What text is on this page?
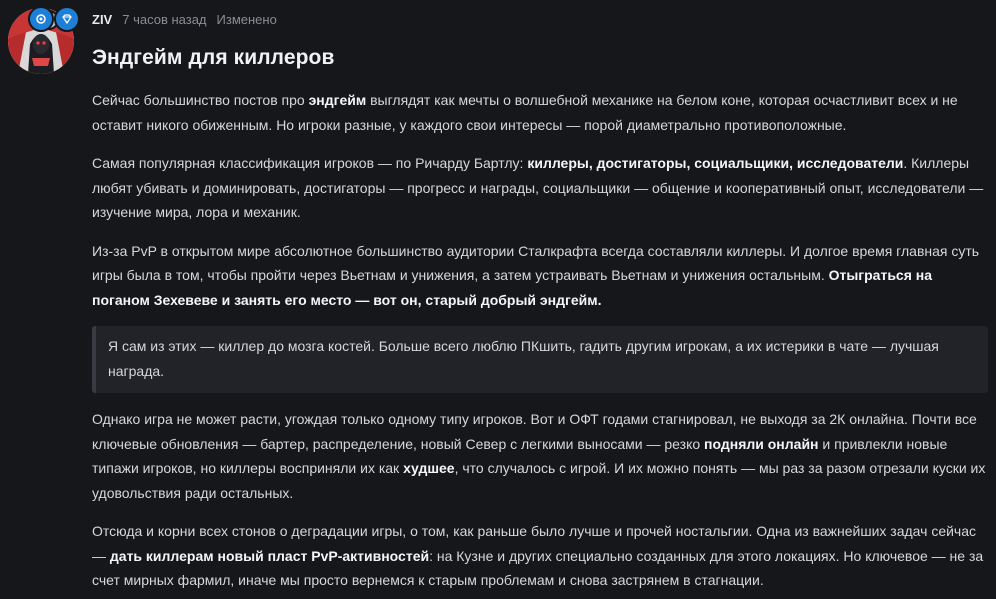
ZIV 7 часов назад Изменено
Эндгейм для киллеров

Сейчас большинство постов про эндгейм выглядят как мечты о волшебной механике на белом коне, которая осчастливит всех и не оставит никого обиженным. Но игроки разные, у каждого свои интересы — порой диаметрально противоположные.

Самая популярная классификация игроков — по Ричарду Бартлу: киллеры, достигаторы, социальщики, исследователи. Киллеры любят убивать и доминировать, достигаторы — прогресс и награды, социальщики — общение и кооперативный опыт, исследователи — изучение мира, лора и механик.

Из-за PvP в открытом мире абсолютное большинство аудитории Сталкрафта всегда составляли киллеры. И долгое время главная суть игры была в том, чтобы пройти через Вьетнам и унижения, а затем устраивать Вьетнам и унижения остальным. Отыграться на поганом Зехевеве и занять его место — вот он, старый добрый эндгейм.

Я сам из этих — киллер до мозга костей. Больше всего люблю ПКшить, гадить другим игрокам, а их истерики в чате — лучшая награда.

Однако игра не может расти, угождая только одному типу игроков. Вот и ОФТ годами стагнировал, не выходя за 2К онлайна. Почти все ключевые обновления — бартер, распределение, новый Север с легкими выносами — резко подняли онлайн и привлекли новые типажи игроков, но киллеры восприняли их как худшее, что случалось с игрой. И их можно понять — мы раз за разом отрезали куски их удовольствия ради остальных.

Отсюда и корни всех стонов о деградации игры, о том, как раньше было лучше и прочей ностальгии. Одна из важнейших задач сейчас — дать киллерам новый пласт PvP-активностей: на Кузне и других специально созданных для этого локациях. Но ключевое — не за счет мирных фармил, иначе мы просто вернемся к старым проблемам и снова застрянем в стагнации.
